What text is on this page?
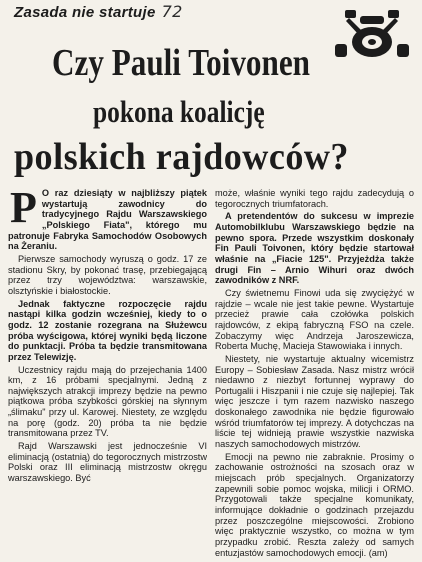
Zasada nie startuje 72
Czy Pauli Toivonen
pokona koalicję
polskich rajdowców?

P O raz dziesiąty w najbliższy piątek wystartują zawodnicy do tradycyjnego Rajdu Warszawskiego „Polskiego Fiata", którego mu patronuje Fabryka Samochodów Osobowych na Żeraniu.

Pierwsze samochody wyruszą o godz. 17 ze stadionu Skry, by pokonać trasę, przebiegającą przez trzy województwa: warszawskie, olsztyńskie i białostockie.

Jednak faktyczne rozpoczęcie rajdu nastąpi kilka godzin wcześniej, kiedy to o godz. 12 zostanie rozegrana na Służewcu próba wyścigowa, której wyniki będą liczone do punktacji. Próba ta będzie transmitowana przez Telewizję.

Uczestnicy rajdu mają do przejechania 1400 km, z 16 próbami specjalnymi. Jedną z największych atrakcji imprezy będzie na pewno piątkowa próba szybkości górskiej na słynnym „ślimaku" przy ul. Karowej. Niestety, ze względu na porę (godz. 20) próba ta nie będzie transmitowana przez TV.

Rajd Warszawski jest jednocześnie VI eliminacją (ostatnią) do tegorocznych mistrzostw Polski oraz III eliminacją mistrzostw okręgu warszawskiego. Być

może, właśnie wyniki tego rajdu zadecydują o tegorocznych triumfatorach.

A pretendentów do sukcesu w imprezie Automobilklubu Warszawskiego będzie na pewno spora. Przede wszystkim doskonały Fin Pauli Toivonen, który będzie startował właśnie na „Fiacie 125". Przyjeżdża także drugi Fin – Arnio Wihuri oraz dwóch zawodników z NRF.

Czy świetnemu Finowi uda się zwyciężyć w rajdzie – wcale nie jest takie pewne. Wystartuje przecież prawie cała czołówka polskich rajdowców, z ekipą fabryczną FSO na czele. Zobaczymy więc Andrzeja Jaroszewicza, Roberta Muchę, Macieja Stawowiaka i innych.

Niestety, nie wystartuje aktualny wicemistrz Europy – Sobiesław Zasada. Nasz mistrz wrócił niedawno z niezbyt fortunnej wyprawy do Portugalii i Hiszpanii i nie czuje się najlepiej. Tak więc jeszcze i tym razem nazwisko naszego doskonałego zawodnika nie będzie figurowało wśród triumfatorów tej imprezy. A dotychczas na liście tej widnieją prawie wszystkie nazwiska naszych samochodowych mistrzów.

Emocji na pewno nie zabraknie. Prosimy o zachowanie ostrożności na szosach oraz w miejscach prób specjalnych. Organizatorzy zapewnili sobie pomoc wojska, milicji i ORMO. Przygotowali także specjalne komunikaty, informujące dokładnie o godzinach przejazdu przez poszczególne miejscowości. Zrobiono więc praktycznie wszystko, co można w tym przypadku zrobić. Reszta zależy od samych entuzjastów samochodowych emocji. (am)
